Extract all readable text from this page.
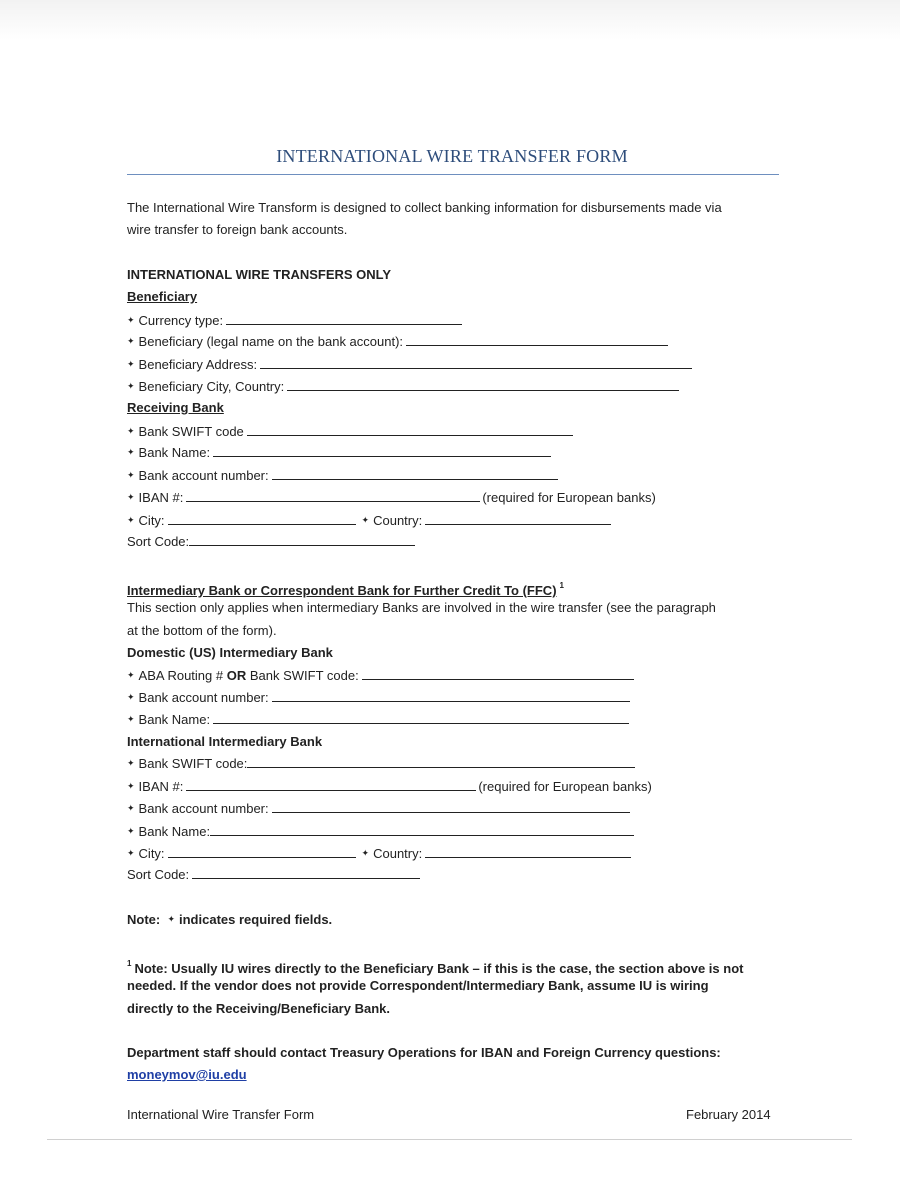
INTERNATIONAL WIRE TRANSFER FORM
The International Wire Transform is designed to collect banking information for disbursements made via
wire transfer to foreign bank accounts.
INTERNATIONAL WIRE TRANSFERS ONLY
Beneficiary
✦ Currency type:
✦ Beneficiary (legal name on the bank account):
✦ Beneficiary Address:
✦ Beneficiary City, Country:
Receiving Bank
✦ Bank SWIFT code
✦ Bank Name:
✦ Bank account number:
✦ IBAN #:	(required for European banks)
✦ City:	✦ Country:
Sort Code:
Intermediary Bank or Correspondent Bank for Further Credit To (FFC) $^1$
This section only applies when intermediary Banks are involved in the wire transfer (see the paragraph
at the bottom of the form).
Domestic (US) Intermediary Bank
✦ ABA Routing # OR Bank SWIFT code:
✦ Bank account number:
✦ Bank Name:
International Intermediary Bank
✦ Bank SWIFT code:
✦ IBAN #:	(required for European banks)
✦ Bank account number:
✦ Bank Name:
✦ City:	✦ Country:
Sort Code:
Note: ✦ indicates required fields.
$^1$ Note: Usually IU wires directly to the Beneficiary Bank – if this is the case, the section above is not
needed. If the vendor does not provide Correspondent/Intermediary Bank, assume IU is wiring
directly to the Receiving/Beneficiary Bank.
Department staff should contact Treasury Operations for IBAN and Foreign Currency questions:
moneymov@iu.edu
International Wire Transfer Form	February 2014
